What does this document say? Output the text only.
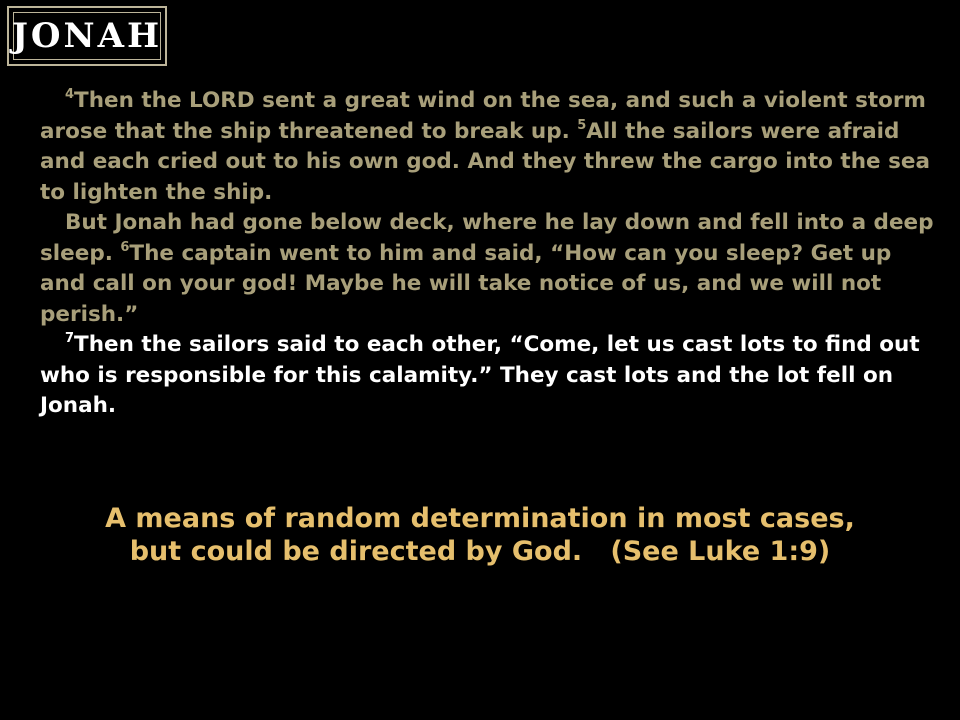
JONAH

$^4$Then the LORD sent a great wind on the sea, and such a violent storm arose that the ship threatened to break up. $^5$All the sailors were afraid and each cried out to his own god. And they threw the cargo into the sea to lighten the ship.

But Jonah had gone below deck, where he lay down and fell into a deep sleep. $^6$The captain went to him and said, “How can you sleep? Get up and call on your god! Maybe he will take notice of us, and we will not perish.”

$^7$Then the sailors said to each other, “Come, let us cast lots to find out who is responsible for this calamity.” They cast lots and the lot fell on Jonah.

A means of random determination in most cases,
but could be directed by God.   (See Luke 1:9)
